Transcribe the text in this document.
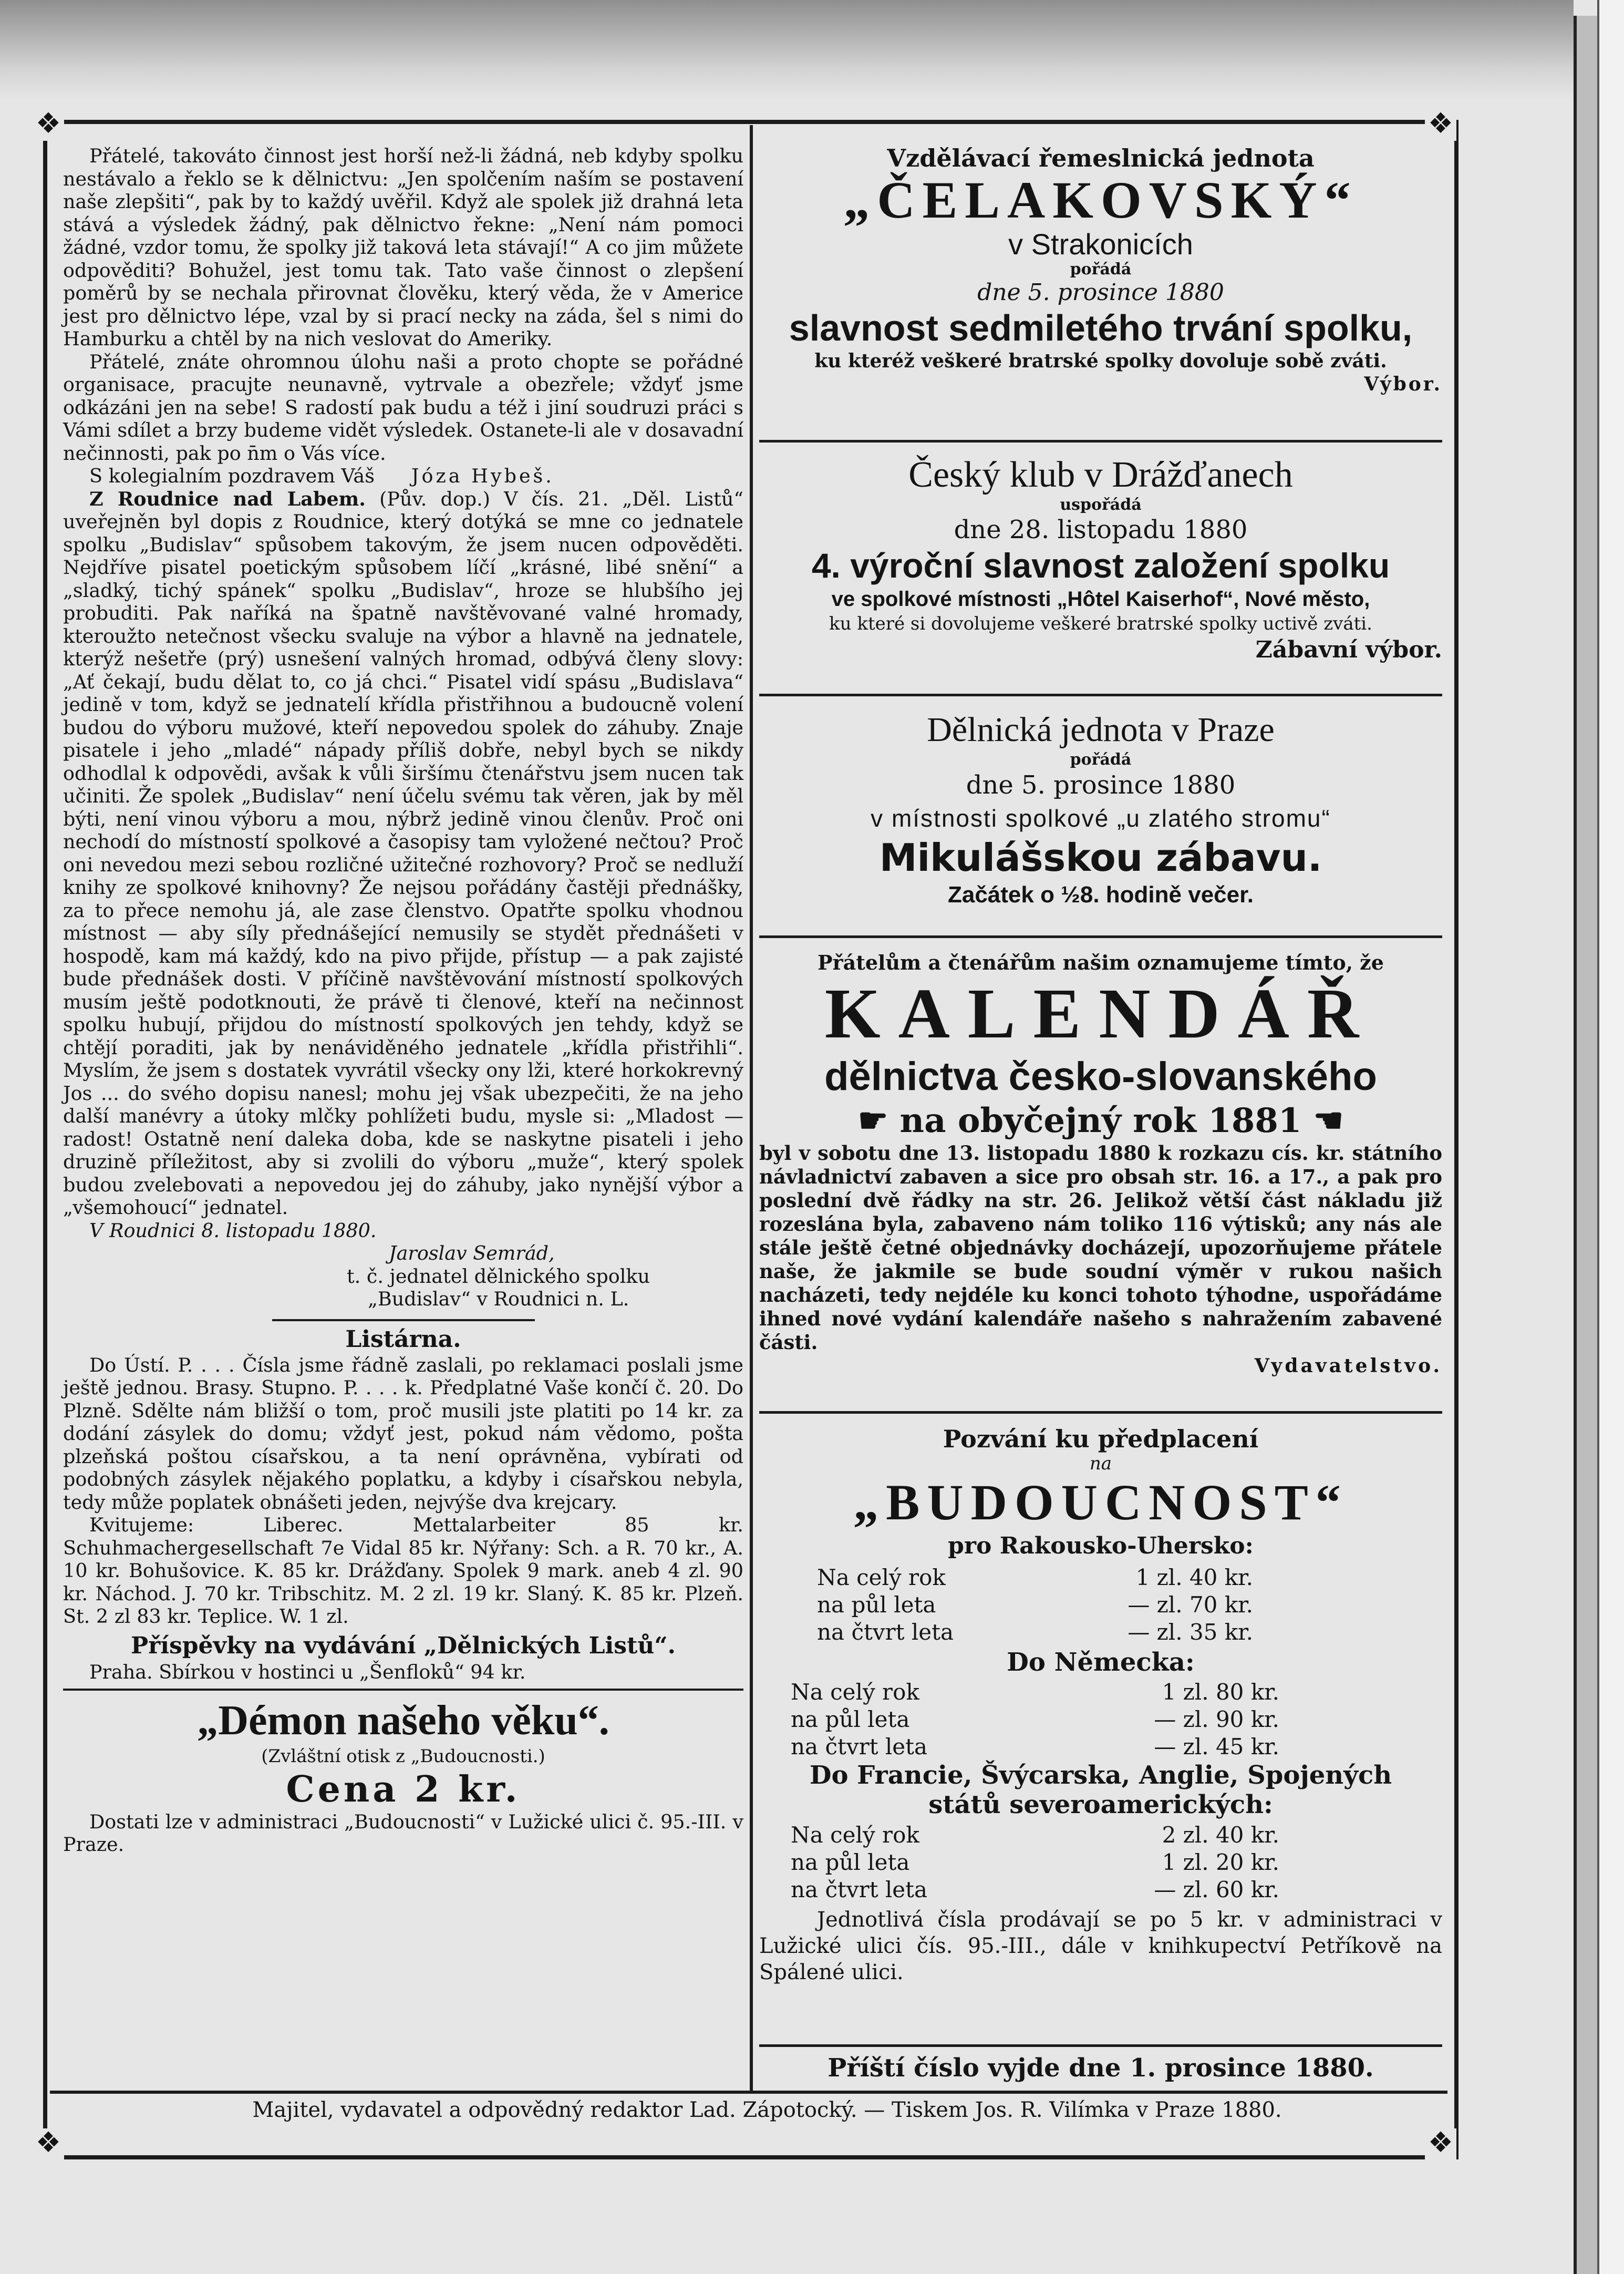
❖	❖
❖	❖

Přátelé, takováto činnost jest horší než-li žádná, neb kdyby spolku nestávalo a řeklo se k dělnictvu: „Jen spolčením naším se postavení naše zlepšiti“, pak by to každý uvěřil. Když ale spolek již drahná leta stává a výsledek žádný, pak dělnictvo řekne: „Není nám pomoci žádné, vzdor tomu, že spolky již taková leta stávají!“ A co jim můžete odpověditi? Bohužel, jest tomu tak. Tato vaše činnost o zlepšení poměrů by se nechala přirovnat člověku, který věda, že v Americe jest pro dělnictvo lépe, vzal by si prací necky na záda, šel s nimi do Hamburku a chtěl by na nich veslovat do Ameriky.

Přátelé, znáte ohromnou úlohu naši a proto chopte se pořádné organisace, pracujte neunavně, vytrvale a obezřele; vždyť jsme odkázáni jen na sebe! S radostí pak budu a též i jiní soudruzi práci s Vámi sdílet a brzy budeme vidět výsledek. Ostanete-li ale v dosavadní nečinnosti, pak po n̄m o Vás více.

S kolegialním pozdravem Váš Józa Hybeš.

Z Roudnice nad Labem. (Pův. dop.) V čís. 21. „Děl. Listů“ uveřejněn byl dopis z Roudnice, který dotýká se mne co jednatele spolku „Budislav“ spůsobem takovým, že jsem nucen odpověděti. Nejdříve pisatel poetickým spůsobem líčí „krásné, libé snění“ a „sladký, tichý spánek“ spolku „Budislav“, hroze se hlubšího jej probuditi. Pak naříká na špatně navštěvované valné hromady, kteroužto netečnost všecku svaluje na výbor a hlavně na jednatele, kterýž nešetře (prý) usnešení valných hromad, odbývá členy slovy: „Ať čekají, budu dělat to, co já chci.“ Pisatel vidí spásu „Budislava“ jedině v tom, když se jednatelí křídla přistřihnou a budoucně volení budou do výboru mužové, kteří nepovedou spolek do záhuby. Znaje pisatele i jeho „mladé“ nápady příliš dobře, nebyl bych se nikdy odhodlal k odpovědi, avšak k vůli širšímu čtenářstvu jsem nucen tak učiniti. Že spolek „Budislav“ není účelu svému tak věren, jak by měl býti, není vinou výboru a mou, nýbrž jedině vinou členův. Proč oni nechodí do místností spolkové a časopisy tam vyložené nečtou? Proč oni nevedou mezi sebou rozličné užitečné rozhovory? Proč se nedluží knihy ze spolkové knihovny? Že nejsou pořádány častěji přednášky, za to přece nemohu já, ale zase členstvo. Opatřte spolku vhodnou místnost — aby síly přednášející nemusily se stydět přednášeti v hospodě, kam má každý, kdo na pivo přijde, přístup — a pak zajisté bude přednášek dosti. V příčině navštěvování místností spolkových musím ještě podotknouti, že právě ti členové, kteří na nečinnost spolku hubují, přijdou do místností spolkových jen tehdy, když se chtějí poraditi, jak by nenáviděného jednatele „křídla přistřihli“. Myslím, že jsem s dostatek vyvrátil všecky ony lži, které horkokrevný Jos ... do svého dopisu nanesl; mohu jej však ubezpečiti, že na jeho další manévry a útoky mlčky pohlížeti budu, mysle si: „Mladost — radost! Ostatně není daleka doba, kde se naskytne pisateli i jeho druzině příležitost, aby si zvolili do výboru „muže“, který spolek budou zvelebovati a nepovedou jej do záhuby, jako nynější výbor a „všemohoucí“ jednatel.

V Roudnici 8. listopadu 1880.

Jaroslav Semrád,

t. č. jednatel dělnického spolku

„Budislav“ v Roudnici n. L.

Listárna.

Do Ústí. P. . . . Čísla jsme řádně zaslali, po reklamaci poslali jsme ještě jednou. Brasy. Stupno. P. . . . k. Předplatné Vaše končí č. 20. Do Plzně. Sdělte nám bližší o tom, proč musili jste platiti po 14 kr. za dodání zásylek do domu; vždyť jest, pokud nám vědomo, pošta plzeňská poštou císařskou, a ta není oprávněna, vybírati od podobných zásylek nějakého poplatku, a kdyby i císařskou nebyla, tedy může poplatek obnášeti jeden, nejvýše dva krejcary.

Kvitujeme: Liberec. Mettalarbeiter 85 kr. Schuhmachergesellschaft 7e Vidal 85 kr. Nýřany: Sch. a R. 70 kr., A. 10 kr. Bohušovice. K. 85 kr. Drážďany. Spolek 9 mark. aneb 4 zl. 90 kr. Náchod. J. 70 kr. Tribschitz. M. 2 zl. 19 kr. Slaný. K. 85 kr. Plzeň. St. 2 zl 83 kr. Teplice. W. 1 zl.

Příspěvky na vydávání „Dělnických Listů“.

Praha. Sbírkou v hostinci u „Šenfloků“ 94 kr.

„Démon našeho věku“.

(Zvláštní otisk z „Budoucnosti.)

Cena 2 kr.

Dostati lze v administraci „Budoucnosti“ v Lužické ulici č. 95.-III. v Praze.

Vzdělávací řemeslnická jednota
„ČELAKOVSKÝ“
v Strakonicích
pořádá
dne 5. prosince 1880
slavnost sedmiletého trvání spolku,
ku kteréž veškeré bratrské spolky dovoluje sobě zváti.
Výbor.
Český klub v Drážďanech
uspořádá
dne 28. listopadu 1880
4. výroční slavnost založení spolku
ve spolkové místnosti „Hôtel Kaiserhof“, Nové město,
ku které si dovolujeme veškeré bratrské spolky uctivě zváti.
Zábavní výbor.
Dělnická jednota v Praze
pořádá
dne 5. prosince 1880
v místnosti spolkové „u zlatého stromu“
Mikulášskou zábavu.
Začátek o ½8. hodině večer.
Přátelům a čtenářům našim oznamujeme tímto, že
KALENDÁŘ
dělnictva česko-slovanského
☛ na obyčejný rok 1881 ☚
byl v sobotu dne 13. listopadu 1880 k rozkazu cís. kr. státního návladnictví zabaven a sice pro obsah str. 16. a 17., a pak pro poslední dvě řádky na str. 26. Jelikož větší část nákladu již rozeslána byla, zabaveno nám toliko 116 výtisků; any nás ale stále ještě četné objednávky docházejí, upozorňujeme přátele naše, že jakmile se bude soudní výměr v rukou našich nacházeti, tedy nejdéle ku konci tohoto týhodne, uspořádáme ihned nové vydání kalendáře našeho s nahražením zabavené části.
Vydavatelstvo.
Pozvání ku předplacení
na
„BUDOUCNOST“
pro Rakousko-Uhersko:
Na celý rok	1 zl. 40 kr.
na půl leta	— zl. 70 kr.
na čtvrt leta	— zl. 35 kr.
Do Německa:
Na celý rok	1 zl. 80 kr.
na půl leta	— zl. 90 kr.
na čtvrt leta	— zl. 45 kr.
Do Francie, Švýcarska, Anglie, Spojených států severoamerických:
Na celý rok	2 zl. 40 kr.
na půl leta	1 zl. 20 kr.
na čtvrt leta	— zl. 60 kr.
Jednotlivá čísla prodávají se po 5 kr. v administraci v Lužické ulici čís. 95.-III., dále v knihkupectví Petříkově na Spálené ulici.
Příští číslo vyjde dne 1. prosince 1880.
Majitel, vydavatel a odpovědný redaktor Lad. Zápotocký. — Tiskem Jos. R. Vilímka v Praze 1880.
